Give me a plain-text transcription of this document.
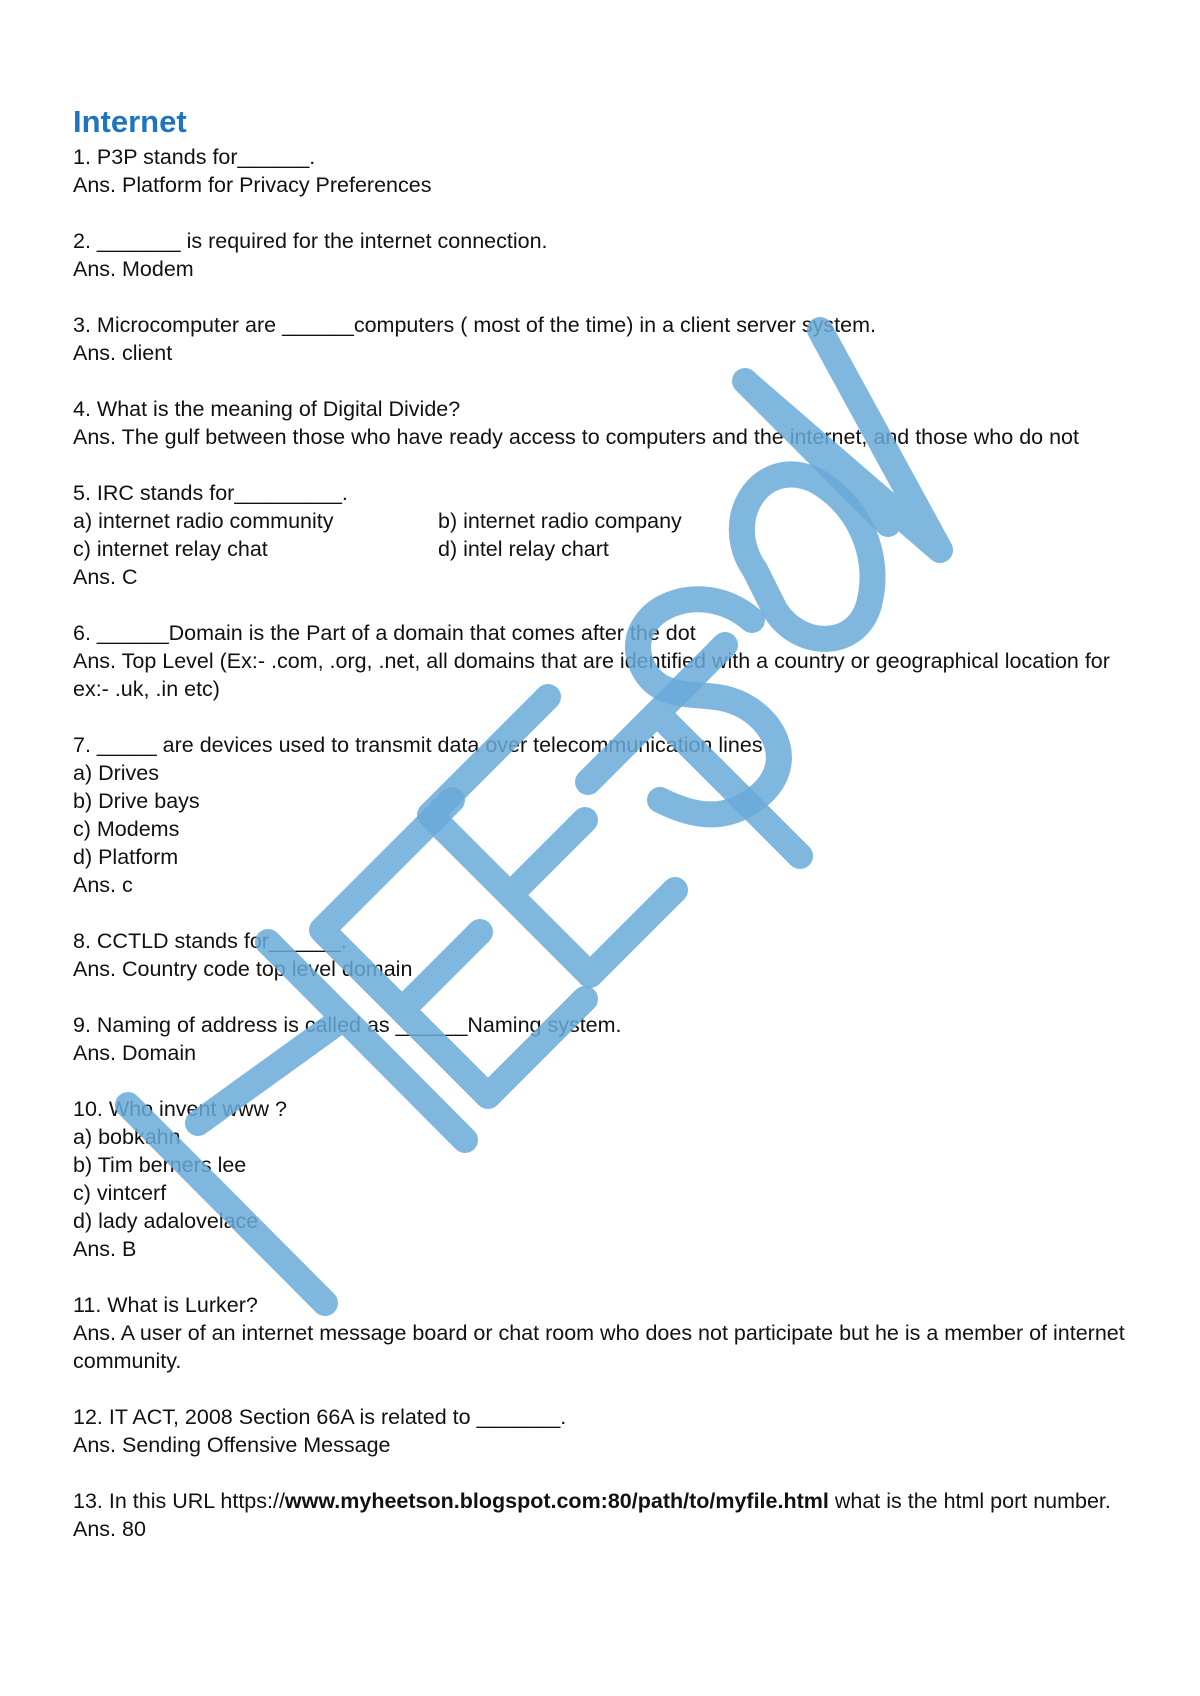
Internet

1. P3P stands for______.

Ans. Platform for Privacy Preferences

2. _______ is required for the internet connection.

Ans. Modem

3. Microcomputer are ______computers ( most of the time) in a client server system.

Ans. client

4. What is the meaning of Digital Divide?

Ans. The gulf between those who have ready access to computers and the internet, and those who do not

5. IRC stands for_________.

a) internet radio community	b) internet radio company

c) internet relay chat	d) intel relay chart

Ans. C

6. ______Domain is the Part of a domain that comes after the dot

Ans. Top Level (Ex:- .com, .org, .net, all domains that are identified with a country or geographical location for ex:- .uk, .in etc)

7. _____ are devices used to transmit data over telecommunication lines

a) Drives

b) Drive bays

c) Modems

d) Platform

Ans. c

8. CCTLD stands for______.

Ans. Country code top level domain

9. Naming of address is called as ______Naming system.

Ans. Domain

10. Who invent www ?

a) bobkahn

b) Tim berners lee

c) vintcerf

d) lady adalovelace

Ans. B

11. What is Lurker?

Ans. A user of an internet message board or chat room who does not participate but he is a member of internet community.

12. IT ACT, 2008 Section 66A is related to _______.

Ans. Sending Offensive Message

13. In this URL https://www.myheetson.blogspot.com:80/path/to/myfile.html what is the html port number.

Ans. 80
